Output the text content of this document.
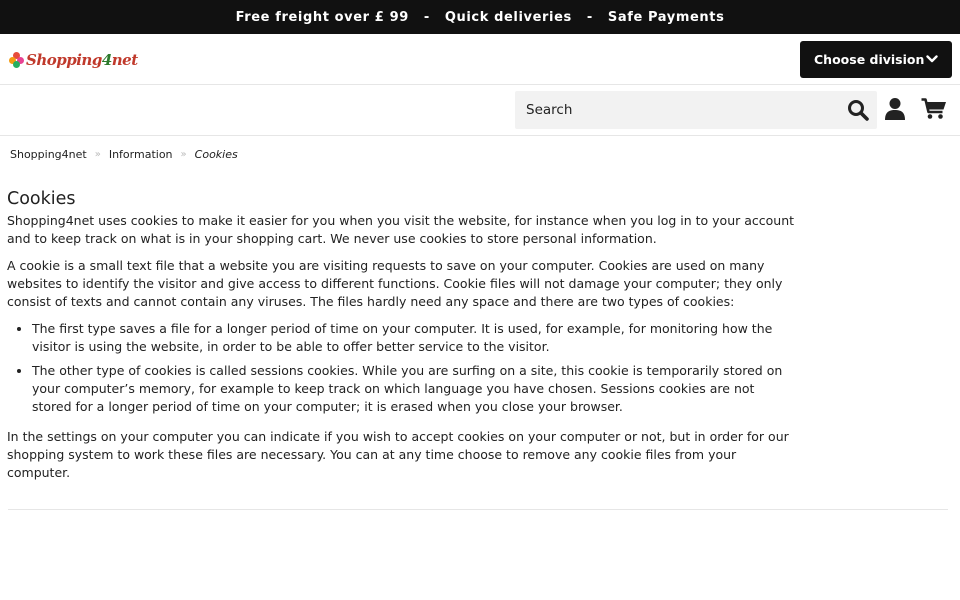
Free freight over £ 99 - Quick deliveries - Safe Payments
Shopping4net	Choose division
Search
Shopping4net » Information » Cookies
Cookies

Shopping4net uses cookies to make it easier for you when you visit the website, for instance when you log in to your account and to keep track on what is in your shopping cart. We never use cookies to store personal information.

A cookie is a small text file that a website you are visiting requests to save on your computer. Cookies are used on many websites to identify the visitor and give access to different functions. Cookie files will not damage your computer; they only consist of texts and cannot contain any viruses. The files hardly need any space and there are two types of cookies:

• The first type saves a file for a longer period of time on your computer. It is used, for example, for monitoring how the visitor is using the website, in order to be able to offer better service to the visitor.
• The other type of cookies is called sessions cookies. While you are surfing on a site, this cookie is temporarily stored on your computer’s memory, for example to keep track on which language you have chosen. Sessions cookies are not stored for a longer period of time on your computer; it is erased when you close your browser.

In the settings on your computer you can indicate if you wish to accept cookies on your computer or not, but in order for our shopping system to work these files are necessary. You can at any time choose to remove any cookie files from your computer.
